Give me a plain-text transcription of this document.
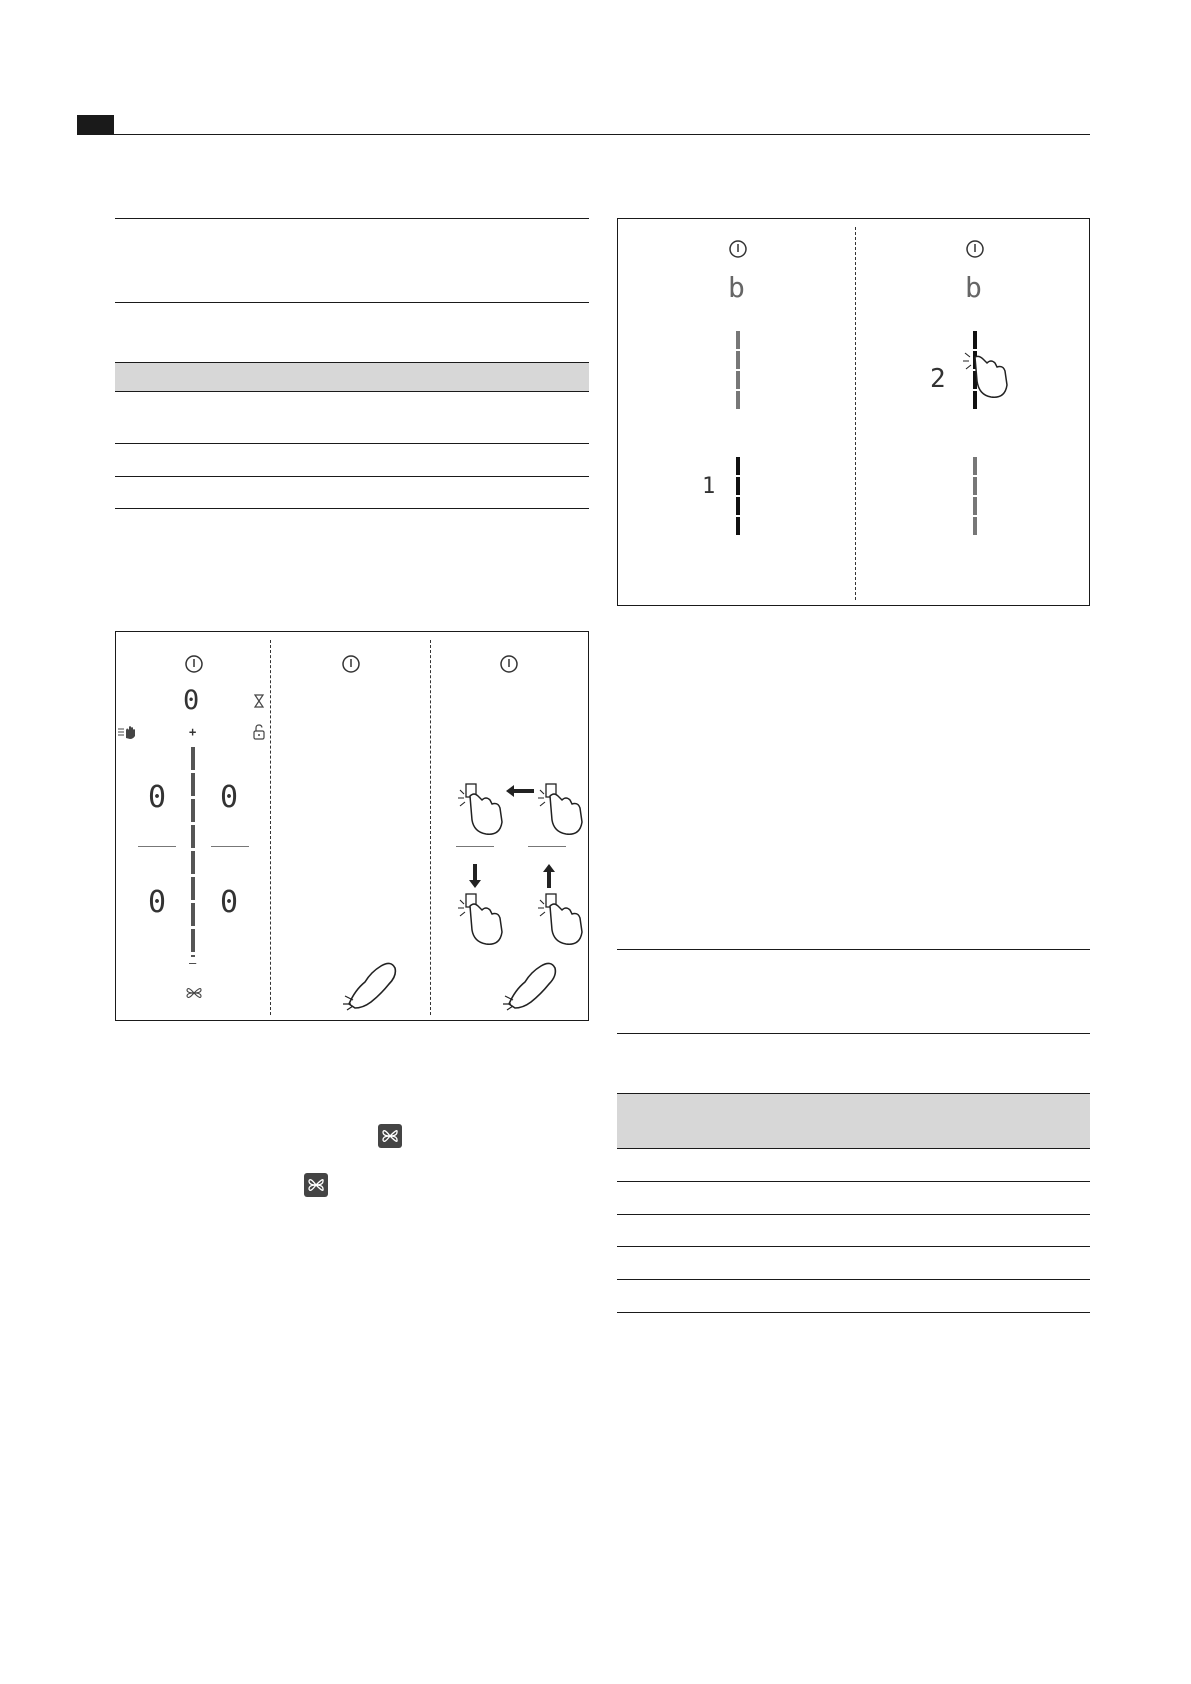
0
+
0 0
0 0
–
b
1
b
2
